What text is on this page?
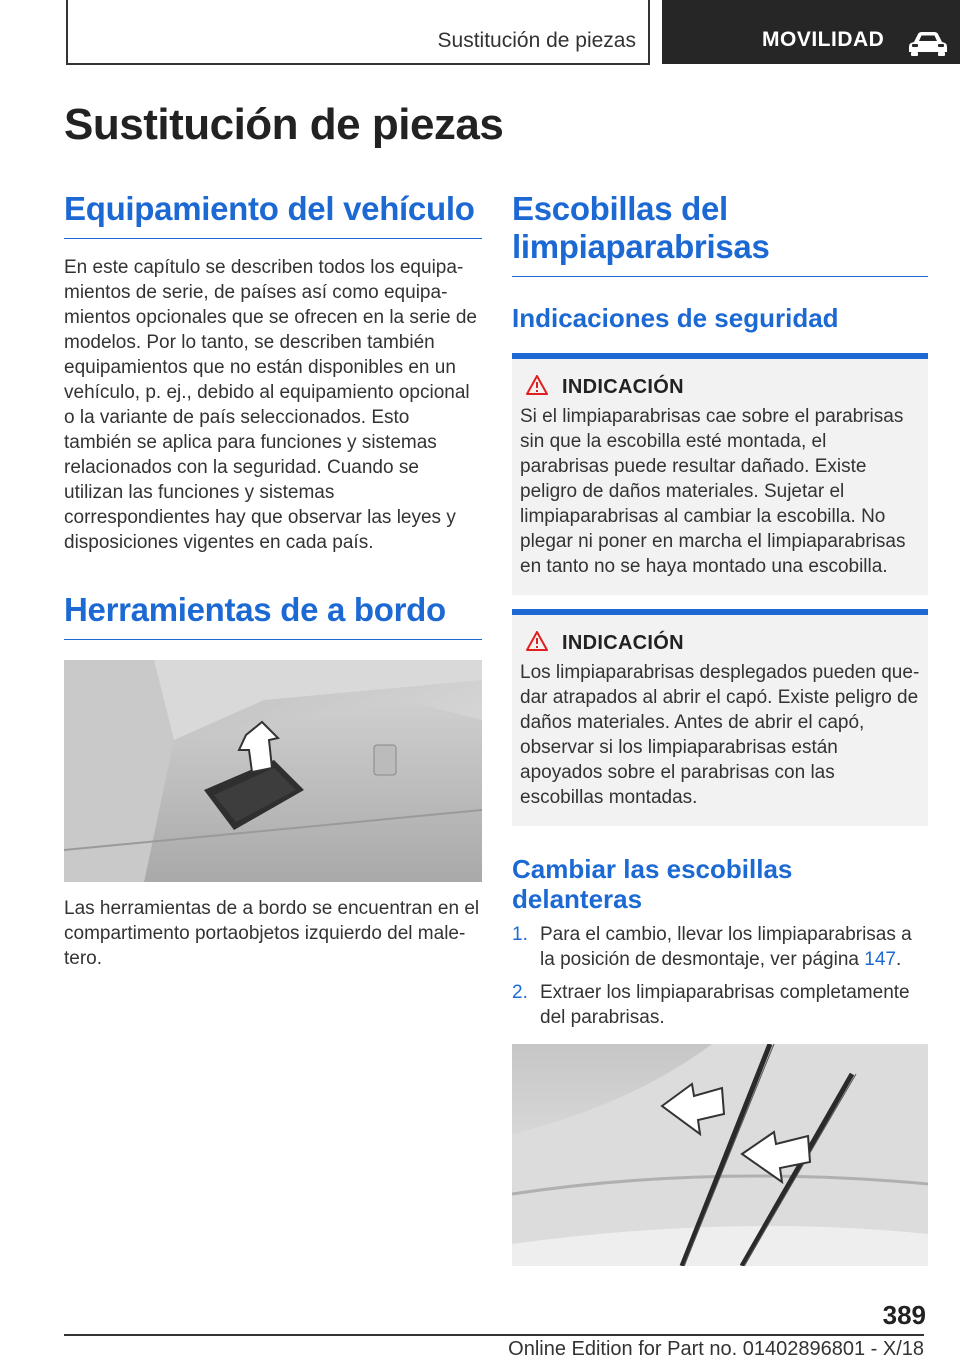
Sustitución de piezas	MOVILIDAD
Sustitución de piezas
Equipamiento del vehículo

En este capítulo se describen todos los equipamientos de serie, de países así como equipamientos opcionales que se ofrecen en la serie de modelos. Por lo tanto, se describen también equipamientos que no están disponibles en un vehículo, p. ej., debido al equipamiento opcional o la variante de país seleccionados. Esto también se aplica para funciones y sistemas relacionados con la seguridad. Cuando se utilizan las funciones y sistemas correspondientes hay que observar las leyes y disposiciones vigentes en cada país.

Herramientas de a bordo

Las herramientas de a bordo se encuentran en el compartimento portaobjetos izquierdo del maletero.

Escobillas del limpiaparabrisas
Indicaciones de seguridad
INDICACIÓN

Si el limpiaparabrisas cae sobre el parabrisas sin que la escobilla esté montada, el parabrisas puede resultar dañado. Existe peligro de daños materiales. Sujetar el limpiaparabrisas al cambiar la escobilla. No plegar ni poner en marcha el limpiaparabrisas en tanto no se haya montado una escobilla.

INDICACIÓN

Los limpiaparabrisas desplegados pueden quedar atrapados al abrir el capó. Existe peligro de daños materiales. Antes de abrir el capó, observar si los limpiaparabrisas están apoyados sobre el parabrisas con las escobillas montadas.

Cambiar las escobillas delanteras
1. Para el cambio, llevar los limpiaparabrisas a la posición de desmontaje, ver página 147.
2. Extraer los limpiaparabrisas completamente del parabrisas.
389
Online Edition for Part no. 01402896801 - X/18
